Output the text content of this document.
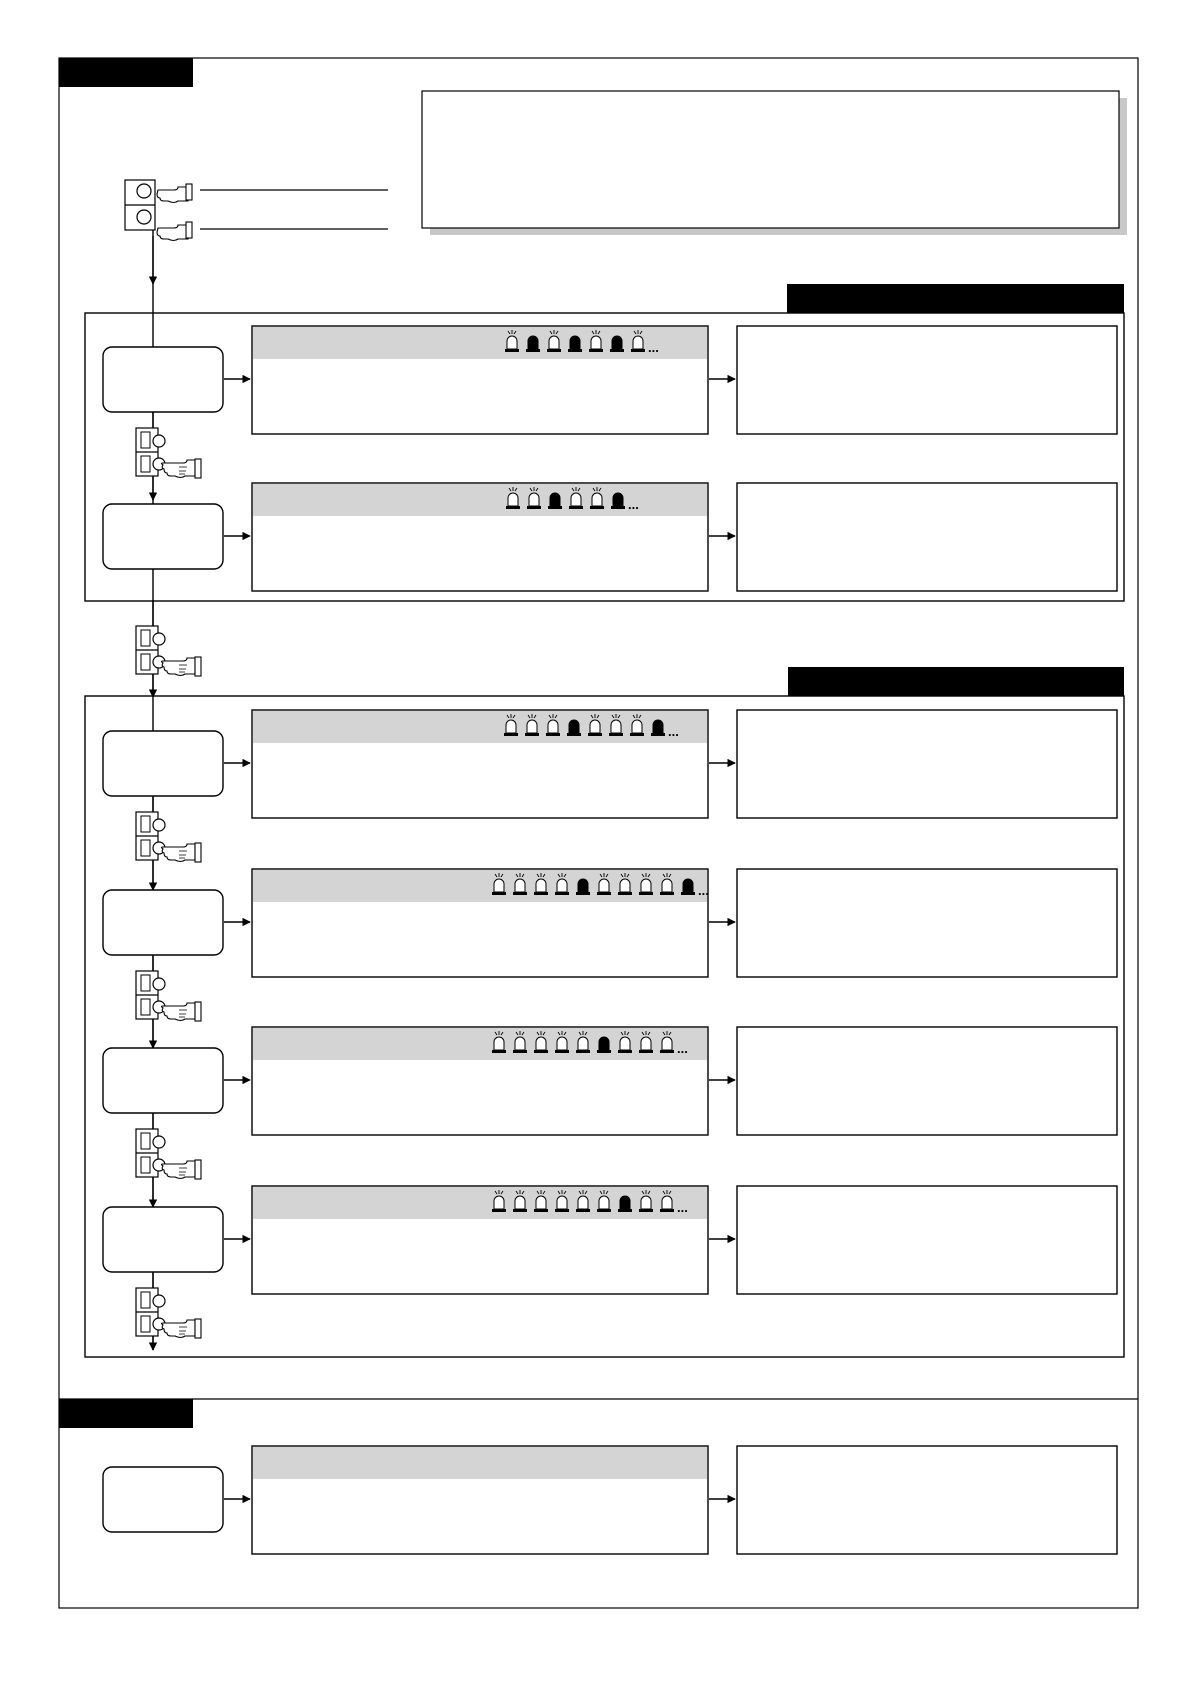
...
...
...
...
...
...
